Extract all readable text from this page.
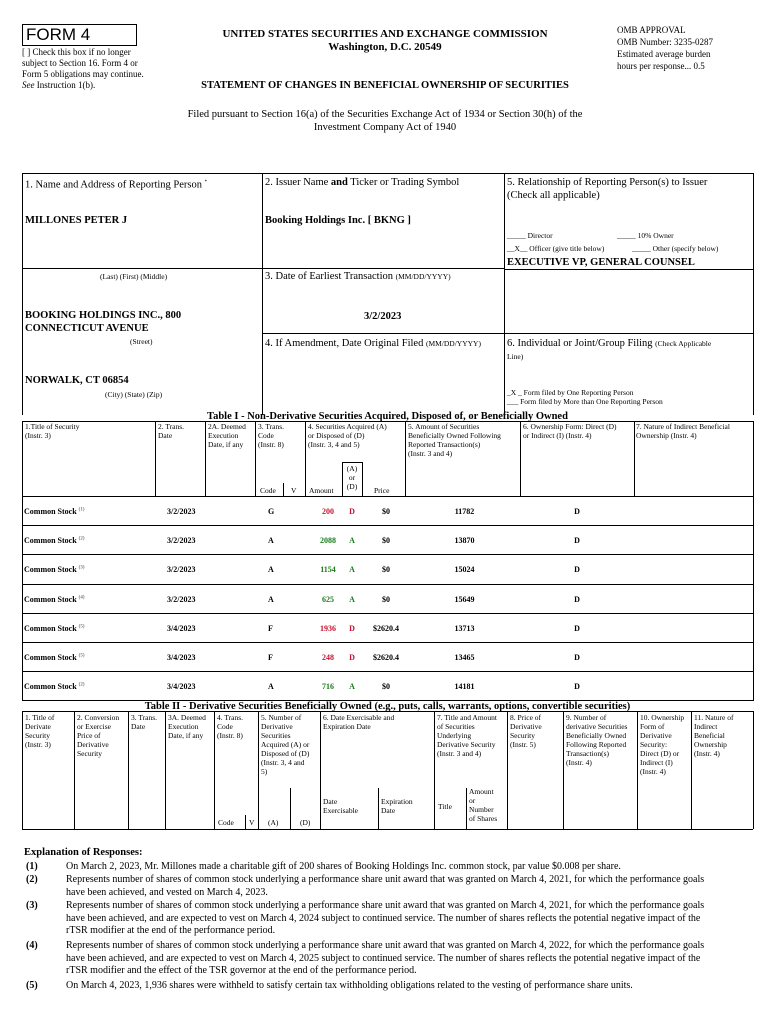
FORM 4
[ ] Check this box if no longer subject to Section 16. Form 4 or Form 5 obligations may continue. See Instruction 1(b).
UNITED STATES SECURITIES AND EXCHANGE COMMISSION
Washington, D.C. 20549
STATEMENT OF CHANGES IN BENEFICIAL OWNERSHIP OF SECURITIES
OMB APPROVAL
OMB Number: 3235-0287
Estimated average burden
hours per response... 0.5
Filed pursuant to Section 16(a) of the Securities Exchange Act of 1934 or Section 30(h) of the
Investment Company Act of 1940
1. Name and Address of Reporting Person *
MILLONES PETER J
(Last) (First) (Middle)
BOOKING HOLDINGS INC., 800
CONNECTICUT AVENUE
(Street)
NORWALK, CT 06854
(City) (State) (Zip)
2. Issuer Name and Ticker or Trading Symbol
Booking Holdings Inc. [ BKNG ]
3. Date of Earliest Transaction (MM/DD/YYYY)
3/2/2023
4. If Amendment, Date Original Filed (MM/DD/YYYY)
5. Relationship of Reporting Person(s) to Issuer
(Check all applicable)
_____ Director	_____ 10% Owner
__X__ Officer (give title below)	_____ Other (specify below)
EXECUTIVE VP, GENERAL COUNSEL
6. Individual or Joint/Group Filing (Check Applicable
Line)
_X _ Form filed by One Reporting Person
___ Form filed by More than One Reporting Person
Table I - Non-Derivative Securities Acquired, Disposed of, or Beneficially Owned
1.Title of Security
(Instr. 3)
2. Trans.
Date
2A. Deemed
Execution
Date, if any
3. Trans.
Code
(Instr. 8)
4. Securities Acquired (A)
or Disposed of (D)
(Instr. 3, 4 and 5)
5. Amount of Securities
Beneficially Owned Following
Reported Transaction(s)
(Instr. 3 and 4)
6. Ownership Form: Direct (D)
or Indirect (I) (Instr. 4)
7. Nature of Indirect Beneficial
Ownership (Instr. 4)
Code V Amount
(A)
or
(D)	Price
Common Stock $^{(1)}$	3/2/2023	G	200	D	$0	11782	D
Common Stock $^{(2)}$	3/2/2023	A	2088	A	$0	13870	D
Common Stock $^{(3)}$	3/2/2023	A	1154	A	$0	15024	D
Common Stock $^{(4)}$	3/2/2023	A	625	A	$0	15649	D
Common Stock $^{(5)}$	3/4/2023	F	1936	D	$2620.4	13713	D
Common Stock $^{(5)}$	3/4/2023	F	248	D	$2620.4	13465	D
Common Stock $^{(2)}$	3/4/2023	A	716	A	$0	14181	D
Table II - Derivative Securities Beneficially Owned (e.g., puts, calls, warrants, options, convertible securities)
1. Title of
Derivate
Security
(Instr. 3)
2. Conversion
or Exercise
Price of
Derivative
Security
3. Trans.
Date
3A. Deemed
Execution
Date, if any
4. Trans.
Code
(Instr. 8)
5. Number of
Derivative
Securities
Acquired (A) or
Disposed of (D)
(Instr. 3, 4 and
5)
6. Date Exercisable and
Expiration Date
7. Title and Amount
of Securities
Underlying
Derivative Security
(Instr. 3 and 4)
8. Price of
Derivative
Security
(Instr. 5)
9. Number of
derivative Securities
Beneficially Owned
Following Reported
Transaction(s)
(Instr. 4)
10. Ownership
Form of
Derivative
Security:
Direct (D) or
Indirect (I)
(Instr. 4)
11. Nature of
Indirect
Beneficial
Ownership
(Instr. 4)
Code V (A)	(D)
Date
Exercisable
Expiration
Date	Title
Amount
or
Number
of Shares
Explanation of Responses:
(1)	On March 2, 2023, Mr. Millones made a charitable gift of 200 shares of Booking Holdings Inc. common stock, par value $0.008 per share.
(2)	Represents number of shares of common stock underlying a performance share unit award that was granted on March 4, 2021, for which the performance goals have been achieved, and vested on March 4, 2023.
(3)	Represents number of shares of common stock underlying a performance share unit award that was granted on March 4, 2021, for which the performance goals have been achieved, and are expected to vest on March 4, 2024 subject to continued service. The number of shares reflects the potential negative impact of the rTSR modifier at the end of the performance period.
(4)	Represents number of shares of common stock underlying a performance share unit award that was granted on March 4, 2022, for which the performance goals have been achieved, and are expected to vest on March 4, 2025 subject to continued service. The number of shares reflects the potential negative impact of the rTSR modifier and the effect of the TSR governor at the end of the performance period.
(5)	On March 4, 2023, 1,936 shares were withheld to satisfy certain tax withholding obligations related to the vesting of performance share units.
